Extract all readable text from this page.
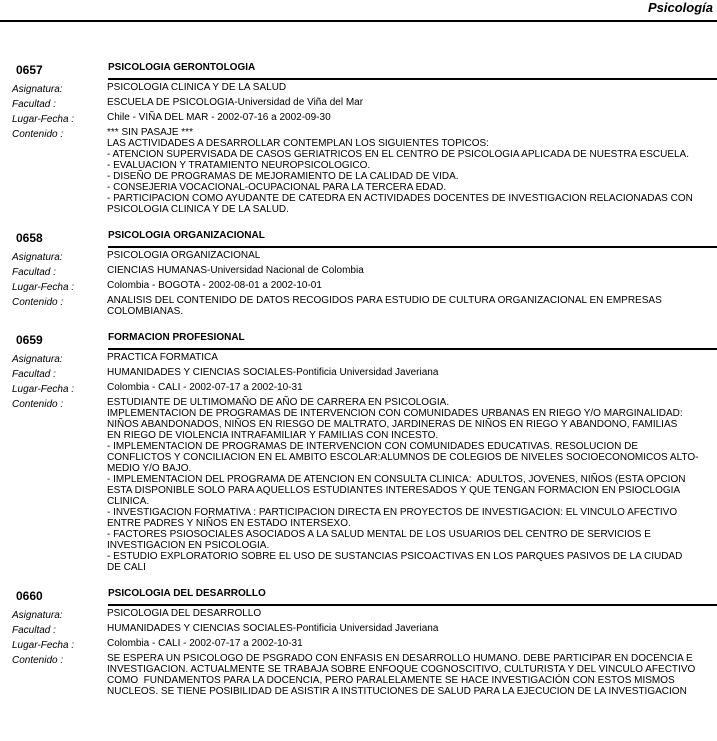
Psicología
0657	PSICOLOGIA GERONTOLOGIA
Asignatura:	PSICOLOGIA CLINICA Y DE LA SALUD
Facultad :	ESCUELA DE PSICOLOGIA-Universidad de Viña del Mar
Lugar-Fecha :	Chile - VIÑA DEL MAR - 2002-07-16 a 2002-09-30
Contenido :	*** SIN PASAJE ***
LAS ACTIVIDADES A DESARROLLAR CONTEMPLAN LOS SIGUIENTES TOPICOS:
- ATENCION SUPERVISADA DE CASOS GERIATRICOS EN EL CENTRO DE PSICOLOGIA APLICADA DE NUESTRA ESCUELA.
- EVALUACION Y TRATAMIENTO NEUROPSICOLOGICO.
- DISEÑO DE PROGRAMAS DE MEJORAMIENTO DE LA CALIDAD DE VIDA.
- CONSEJERIA VOCACIONAL-OCUPACIONAL PARA LA TERCERA EDAD.
- PARTICIPACION COMO AYUDANTE DE CATEDRA EN ACTIVIDADES DOCENTES DE INVESTIGACION RELACIONADAS CON
PSICOLOGIA CLINICA Y DE LA SALUD.
0658	PSICOLOGIA ORGANIZACIONAL
Asignatura:	PSICOLOGIA ORGANIZACIONAL
Facultad :	CIENCIAS HUMANAS-Universidad Nacional de Colombia
Lugar-Fecha :	Colombia - BOGOTA - 2002-08-01 a 2002-10-01
Contenido :	ANALISIS DEL CONTENIDO DE DATOS RECOGIDOS PARA ESTUDIO DE CULTURA ORGANIZACIONAL EN EMPRESAS
COLOMBIANAS.
0659	FORMACION PROFESIONAL
Asignatura:	PRACTICA FORMATICA
Facultad :	HUMANIDADES Y CIENCIAS SOCIALES-Pontificia Universidad Javeriana
Lugar-Fecha :	Colombia - CALI - 2002-07-17 a 2002-10-31
Contenido :	ESTUDIANTE DE ULTIMOMAÑO DE AÑO DE CARRERA EN PSICOLOGIA.
IMPLEMENTACION DE PROGRAMAS DE INTERVENCION CON COMUNIDADES URBANAS EN RIEGO Y/O MARGINALIDAD:
NIÑOS ABANDONADOS, NIÑOS EN RIESGO DE MALTRATO, JARDINERAS DE NIÑOS EN RIEGO Y ABANDONO, FAMILIAS
EN RIEGO DE VIOLENCIA INTRAFAMILIAR Y FAMILIAS CON INCESTO.
- IMPLEMENTACION DE PROGRAMAS DE INTERVENCION CON COMUNIDADES EDUCATIVAS. RESOLUCION DE
CONFLICTOS Y CONCILIACION EN EL AMBITO ESCOLAR:ALUMNOS DE COLEGIOS DE NIVELES SOCIOECONOMICOS ALTO-
MEDIO Y/O BAJO.
- IMPLEMENTACION DEL PROGRAMA DE ATENCION EN CONSULTA CLINICA:  ADULTOS, JOVENES, NIÑOS (ESTA OPCION
ESTA DISPONIBLE SOLO PARA AQUELLOS ESTUDIANTES INTERESADOS Y QUE TENGAN FORMACION EN PSIOCLOGIA
CLINICA.
- INVESTIGACION FORMATIVA : PARTICIPACION DIRECTA EN PROYECTOS DE INVESTIGACION: EL VINCULO AFECTIVO
ENTRE PADRES Y NIÑOS EN ESTADO INTERSEXO.
- FACTORES PSIOSOCIALES ASOCIADOS A LA SALUD MENTAL DE LOS USUARIOS DEL CENTRO DE SERVICIOS E
INVESTIGACION EN PSICOLOGIA.
- ESTUDIO EXPLORATORIO SOBRE EL USO DE SUSTANCIAS PSICOACTIVAS EN LOS PARQUES PASIVOS DE LA CIUDAD
DE CALI
0660	PSICOLOGIA DEL DESARROLLO
Asignatura:	PSICOLOGIA DEL DESARROLLO
Facultad :	HUMANIDADES Y CIENCIAS SOCIALES-Pontificia Universidad Javeriana
Lugar-Fecha :	Colombia - CALI - 2002-07-17 a 2002-10-31
Contenido :	SE ESPERA UN PSICOLOGO DE PSGRADO CON ENFASIS EN DESARROLLO HUMANO. DEBE PARTICIPAR EN DOCENCIA E
INVESTIGACION. ACTUALMENTE SE TRABAJA SOBRE ENFOQUE COGNOSCITIVO, CULTURISTA Y DEL VINCULO AFECTIVO
COMO  FUNDAMENTOS PARA LA DOCENCIA, PERO PARALELAMENTE SE HACE INVESTIGACIÓN CON ESTOS MISMOS
NUCLEOS. SE TIENE POSIBILIDAD DE ASISTIR A INSTITUCIONES DE SALUD PARA LA EJECUCION DE LA INVESTIGACION
